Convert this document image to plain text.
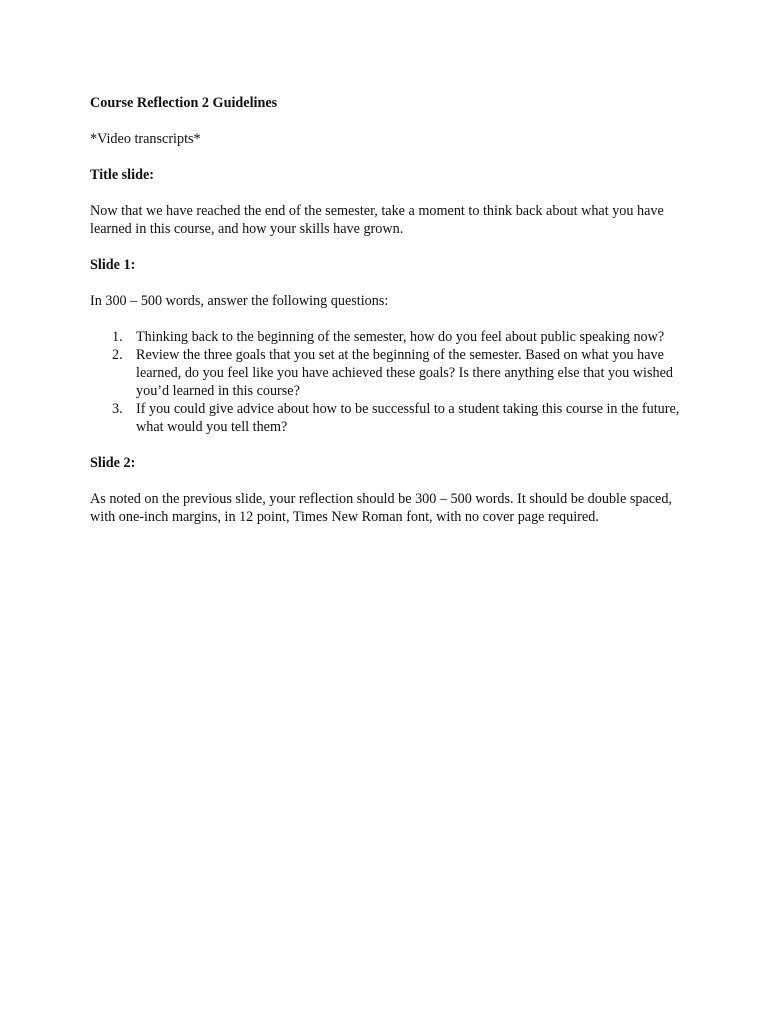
Course Reflection 2 Guidelines
*Video transcripts*
Title slide:
Now that we have reached the end of the semester, take a moment to think back about what you have learned in this course, and how your skills have grown.
Slide 1:
In 300 – 500 words, answer the following questions:
1. Thinking back to the beginning of the semester, how do you feel about public speaking now?
2. Review the three goals that you set at the beginning of the semester. Based on what you have learned, do you feel like you have achieved these goals? Is there anything else that you wished you’d learned in this course?
3. If you could give advice about how to be successful to a student taking this course in the future, what would you tell them?
Slide 2:
As noted on the previous slide, your reflection should be 300 – 500 words. It should be double spaced, with one-inch margins, in 12 point, Times New Roman font, with no cover page required.
